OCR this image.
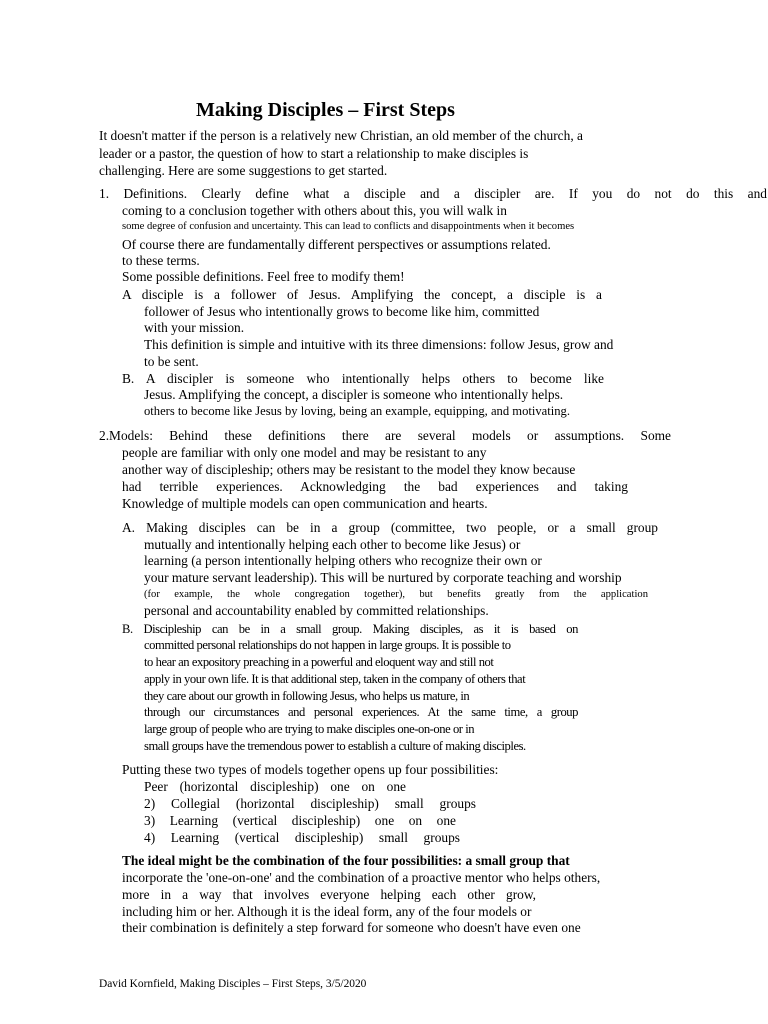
Making Disciples – First Steps
It doesn't matter if the person is a relatively new Christian, an old member of the church, a
leader or a pastor, the question of how to start a relationship to make disciples is
challenging. Here are some suggestions to get started.
1. Definitions. Clearly define what a disciple and a discipler are. If you do not do this and
coming to a conclusion together with others about this, you will walk in
some degree of confusion and uncertainty. This can lead to conflicts and disappointments when it becomes
Of course there are fundamentally different perspectives or assumptions related.
to these terms.
Some possible definitions. Feel free to modify them!
A disciple is a follower of Jesus. Amplifying the concept, a disciple is a
follower of Jesus who intentionally grows to become like him, committed
with your mission.
This definition is simple and intuitive with its three dimensions: follow Jesus, grow and
to be sent.
B. A discipler is someone who intentionally helps others to become like
Jesus. Amplifying the concept, a discipler is someone who intentionally helps.
others to become like Jesus by loving, being an example, equipping, and motivating.
2.Models: Behind these definitions there are several models or assumptions. Some
people are familiar with only one model and may be resistant to any
another way of discipleship; others may be resistant to the model they know because
had terrible experiences. Acknowledging the bad experiences and taking
Knowledge of multiple models can open communication and hearts.
A. Making disciples can be in a group (committee, two people, or a small group
mutually and intentionally helping each other to become like Jesus) or
learning (a person intentionally helping others who recognize their own or
your mature servant leadership). This will be nurtured by corporate teaching and worship
(for example, the whole congregation together), but benefits greatly from the application
personal and accountability enabled by committed relationships.
B. Discipleship can be in a small group. Making disciples, as it is based on
committed personal relationships do not happen in large groups. It is possible to
to hear an expository preaching in a powerful and eloquent way and still not
apply in your own life. It is that additional step, taken in the company of others that
they care about our growth in following Jesus, who helps us mature, in
through our circumstances and personal experiences. At the same time, a group
large group of people who are trying to make disciples one-on-one or in
small groups have the tremendous power to establish a culture of making disciples.
Putting these two types of models together opens up four possibilities:
Peer (horizontal discipleship) one on one
2) Collegial (horizontal discipleship) small groups
3) Learning (vertical discipleship) one on one
4) Learning (vertical discipleship) small groups
The ideal might be the combination of the four possibilities: a small group that
incorporate the 'one-on-one' and the combination of a proactive mentor who helps others,
more in a way that involves everyone helping each other grow,
including him or her. Although it is the ideal form, any of the four models or
their combination is definitely a step forward for someone who doesn't have even one
David Kornfield, Making Disciples – First Steps, 3/5/2020
